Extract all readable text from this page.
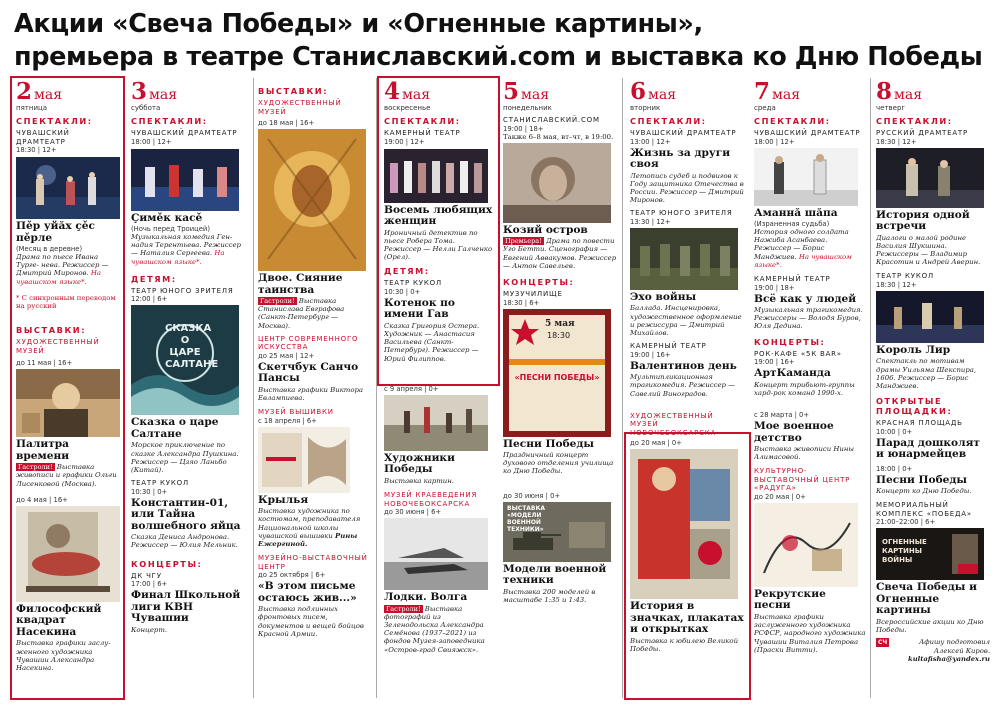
Акции «Свеча Победы» и «Огненные картины»,
премьера в театре Станиславский.com и выставка ко Дню Победы
2 мая
пятница
СПЕКТАКЛИ:
ЧУВАШСКИЙ ДРАМТЕАТР
18:30 | 12+
Пěр уйăх çěс пěрле
(Месяц в деревне)
Драма по пьесе Ивана Турге- нева. Режиссер — Дмитрий Миронов. На чувашском языке*.
* С синхронным переводом на русский
ВЫСТАВКИ:
ХУДОЖЕСТВЕННЫЙ МУЗЕЙ
до 11 мая | 16+
Палитра времени
Гастроли! Выставка живописи и графики Ольги Лисенковой (Москва).
до 4 мая | 16+
Философский квадрат Насекина
Выставка графики заслу- женного художника Чувашии Александра Насекина.
3 мая
суббота
СПЕКТАКЛИ:
ЧУВАШСКИЙ ДРАМТЕАТР
18:00 | 12+
Çимěк касě
(Ночь перед Троицей)
Музыкальная комедия Ген- надия Терентьева. Режиссер — Наталия Сергеева. На чувашском языке*.
ДЕТЯМ:
ТЕАТР ЮНОГО ЗРИТЕЛЯ
12:00 | 6+
СКАЗКА О ЦАРЕ САЛТАНЕ
Сказка о царе Салтане
Морское приключение по сказке Александра Пушкина. Режиссер — Цзяо Ланьбо (Китай).
ТЕАТР КУКОЛ
10:30 | 0+
Константин-01, или Тайна волшебного яйца
Сказка Дениса Андронова. Режиссер — Юлия Мельник.
КОНЦЕРТЫ:
ДК ЧГУ
17:00 | 6+
Финал Школьной лиги КВН Чувашии
Концерт.
ВЫСТАВКИ:
ХУДОЖЕСТВЕННЫЙ МУЗЕЙ
до 18 мая | 16+
Двое. Сияние таинства
Гастроли! Выставка Станислава Евграфова (Санкт-Петербург — Москва).
ЦЕНТР СОВРЕМЕННОГО ИСКУССТВА
до 25 мая | 12+
Скетчбук Санчо Пансы
Выставка графики Виктора Евлампиева.
МУЗЕЙ ВЫШИВКИ
с 18 апреля | 6+
Крылья
Выставка художника по костюмам, преподавателя Национальной школы чувашской вышивки Рины Ежергиной.
МУЗЕЙНО-ВЫСТАВОЧНЫЙ ЦЕНТР
до 25 октября | 6+
«В этом письме остаюсь жив...»
Выставка подлинных фронтовых писем, документов и вещей бойцов Красной Армии.
4 мая
воскресенье
СПЕКТАКЛИ:
КАМЕРНЫЙ ТЕАТР
19:00 | 12+
Восемь любящих женщин
Ироничный детектив по пьесе Робера Тома. Режиссер — Нелли Галченко (Орел).
ДЕТЯМ:
ТЕАТР КУКОЛ
10:30 | 0+
Котенок по имени Гав
Сказка Григория Остера. Художник — Анастасия Васильева (Санкт-Петербург). Режиссер — Юрий Филиппов.
с 9 апреля | 0+
Художники Победы
Выставка картин.
МУЗЕЙ КРАЕВЕДЕНИЯ НОВОЧЕБОКСАРСКА
до 30 июня | 6+
Лодки. Волга
Гастроли! Выставка фотографий из Зеленодольска Александра Семёнова (1937–2021) из фондов Музея-заповедника «Остров-град Свияжск».
5 мая
понедельник
СТАНИСЛАВСКИЙ.COM
19:00 | 18+
Также 6–8 мая, вт–чт, в 19:00.
Козий остров
Премьера! Драма по повести Уго Бетти. Сценография — Евгений Аввакумов. Режиссер — Антон Савельев.
КОНЦЕРТЫ:
МУЗУЧИЛИЩЕ
18:30 | 6+
5 мая
18:30
«ПЕСНИ ПОБЕДЫ»
Песни Победы
Праздничный концерт духового отделения училища ко Дню Победы.
до 30 июня | 0+
ВЫСТАВКА «МОДЕЛИ ВОЕННОЙ ТЕХНИКИ»
Модели военной техники
Выставка 200 моделей в масштабе 1:35 и 1:43.
6 мая
вторник
СПЕКТАКЛИ:
ЧУВАШСКИЙ ДРАМТЕАТР
13:00 | 12+
Жизнь за други своя
Летопись судеб и подвигов к Году защитника Отечества в России. Режиссер — Дмитрий Миронов.
ТЕАТР ЮНОГО ЗРИТЕЛЯ
13:30 | 12+
Эхо войны
Баллада. Инсценировка, художественное оформление и режиссура — Дмитрий Михайлов.
КАМЕРНЫЙ ТЕАТР
19:00 | 16+
Валентинов день
Мультипликационная трагикомедия. Режиссер — Савелий Виноградов.
ХУДОЖЕСТВЕННЫЙ МУЗЕЙ НОВОЧЕБОКСАРСКА
до 20 мая | 0+
История в значках, плакатах и открытках
Выставка к юбилею Великой Победы.
7 мая
среда
СПЕКТАКЛИ:
ЧУВАШСКИЙ ДРАМТЕАТР
18:00 | 12+
Аманнă шăпа
(Израненная судьба)
История одного солдата Нажиба Асанбаева. Режиссер — Борис Манджиев. На чувашском языке*.
КАМЕРНЫЙ ТЕАТР
19:00 | 18+
Всё как у людей
Музыкальная трагикомедия. Режиссеры — Володя Буров, Юля Дедина.
КОНЦЕРТЫ:
РОК-КАФЕ «5К BAR»
19:00 | 16+
АртКаманда
Концерт трибьют-группы хард-рок команд 1990-х.
с 28 марта | 0+
Мое военное детство
Выставка живописи Нины Алимасовой.
КУЛЬТУРНО-ВЫСТАВОЧНЫЙ ЦЕНТР «РАДУГА»
до 20 мая | 0+
Рекрутские песни
Выставка графики заслуженного художника РСФСР, народного художника Чувашии Виталия Петрова (Праски Витти).
8 мая
четверг
СПЕКТАКЛИ:
РУССКИЙ ДРАМТЕАТР
18:30 | 12+
История одной встречи
Диалоги о малой родине Василия Шукшина. Режиссеры — Владимир Красотин и Андрей Аверин.
ТЕАТР КУКОЛ
18:30 | 12+
Король Лир
Спектакль по мотивам драмы Уильяма Шекспира, 1606. Режиссер — Борис Манджиев.
ОТКРЫТЫЕ ПЛОЩАДКИ:
КРАСНАЯ ПЛОЩАДЬ
10:00 | 0+
Парад дошколят и юнармейцев
18:00 | 0+
Песни Победы
Концерт ко Дню Победы.
МЕМОРИАЛЬНЫЙ КОМПЛЕКС «ПОБЕДА»
21:00–22:00 | 6+
ОГНЕННЫЕ КАРТИНЫ ВОЙНЫ
Свеча Победы и Огненные картины
Всероссийские акции ко Дню Победы.
СЧ	Афишу подготовил Алексей Киров.
kultafisha@yandex.ru
